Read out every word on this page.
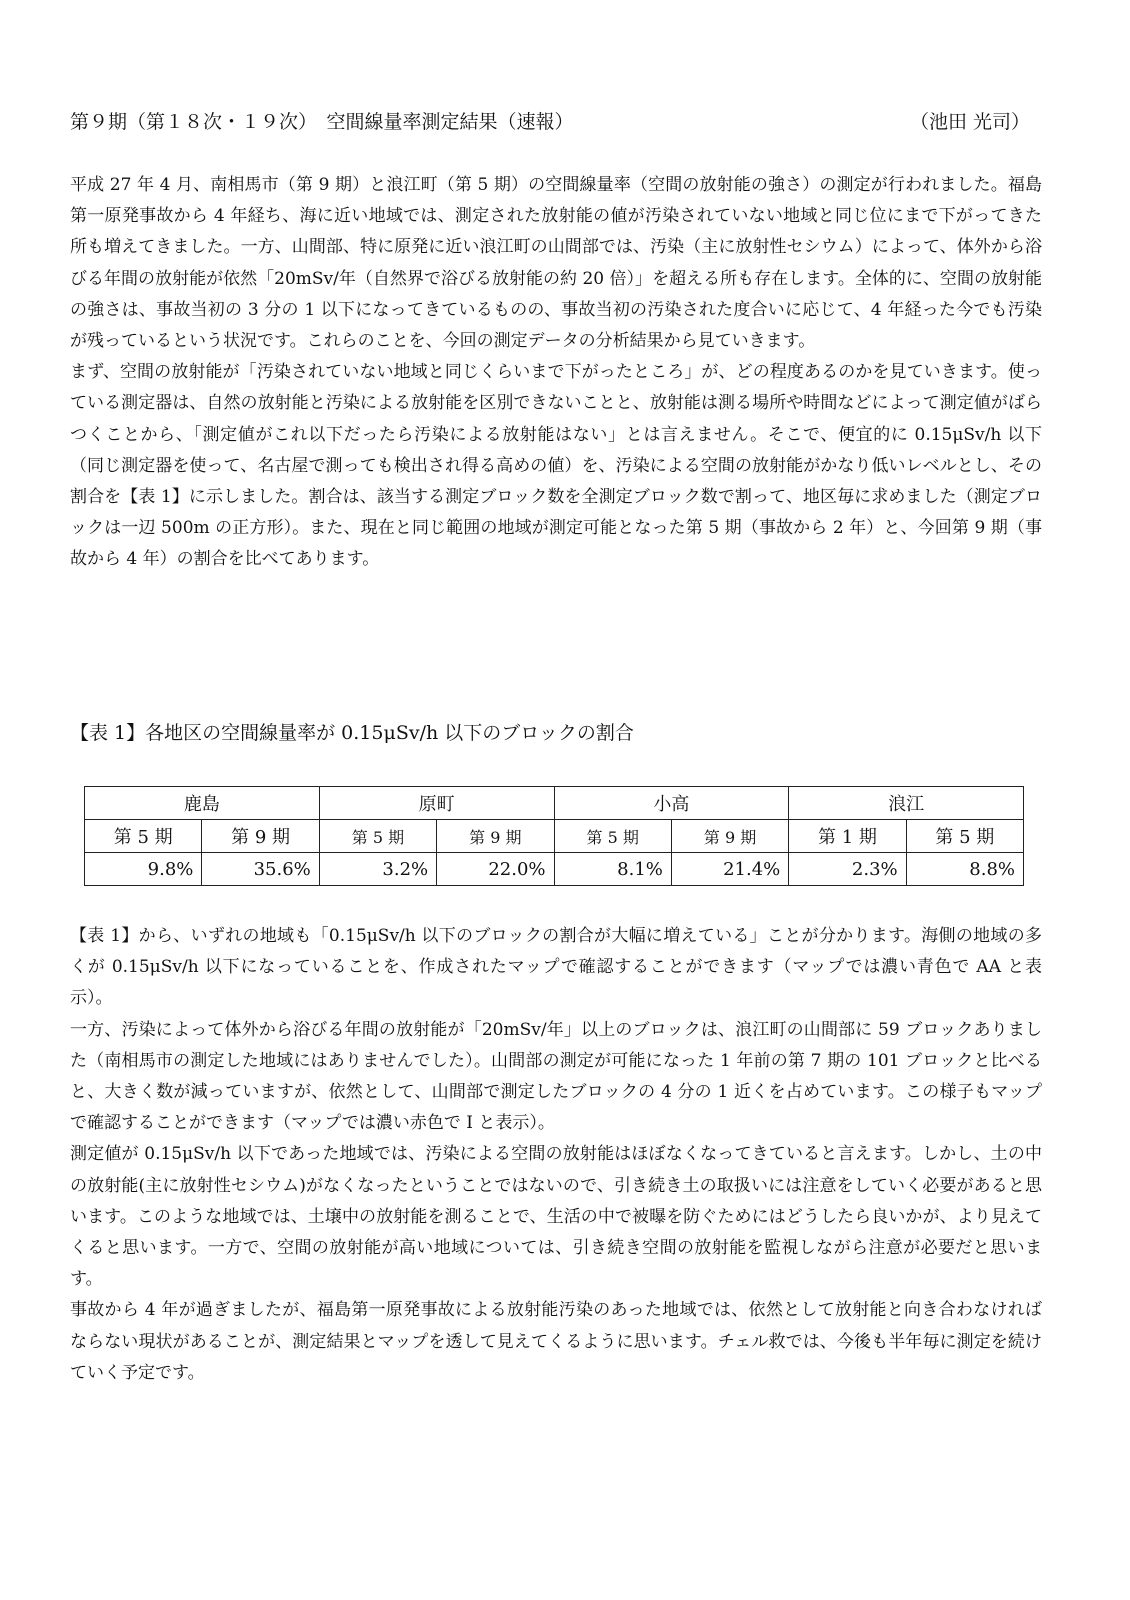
第９期（第１８次・１９次）　空間線量率測定結果（速報）	（池田 光司）

平成 27 年 4 月、南相馬市（第 9 期）と浪江町（第 5 期）の空間線量率（空間の放射能の強さ）の測定が行われました。福島第一原発事故から 4 年経ち、海に近い地域では、測定された放射能の値が汚染されていない地域と同じ位にまで下がってきた所も増えてきました。一方、山間部、特に原発に近い浪江町の山間部では、汚染（主に放射性セシウム）によって、体外から浴びる年間の放射能が依然「20mSv/年（自然界で浴びる放射能の約 20 倍）」を超える所も存在します。全体的に、空間の放射能の強さは、事故当初の 3 分の 1 以下になってきているものの、事故当初の汚染された度合いに応じて、4 年経った今でも汚染が残っているという状況です。これらのことを、今回の測定データの分析結果から見ていきます。

まず、空間の放射能が「汚染されていない地域と同じくらいまで下がったところ」が、どの程度あるのかを見ていきます。使っている測定器は、自然の放射能と汚染による放射能を区別できないことと、放射能は測る場所や時間などによって測定値がばらつくことから、「測定値がこれ以下だったら汚染による放射能はない」とは言えません。そこで、便宜的に 0.15μSv/h 以下（同じ測定器を使って、名古屋で測っても検出され得る高めの値）を、汚染による空間の放射能がかなり低いレベルとし、その割合を【表 1】に示しました。割合は、該当する測定ブロック数を全測定ブロック数で割って、地区毎に求めました（測定ブロックは一辺 500m の正方形）。また、現在と同じ範囲の地域が測定可能となった第 5 期（事故から 2 年）と、今回第 9 期（事故から 4 年）の割合を比べてあります。

【表 1】各地区の空間線量率が 0.15μSv/h 以下のブロックの割合

鹿島		原町		小高		浪江	
第 5 期	第 9 期	第 5 期	第 9 期	第 5 期	第 9 期	第 1 期	第 5 期
9.8%	35.6%	3.2%	22.0%	8.1%	21.4%	2.3%	8.8%

【表 1】から、いずれの地域も「0.15μSv/h 以下のブロックの割合が大幅に増えている」ことが分かります。海側の地域の多くが 0.15μSv/h 以下になっていることを、作成されたマップで確認することができます（マップでは濃い青色で AA と表示）。

一方、汚染によって体外から浴びる年間の放射能が「20mSv/年」以上のブロックは、浪江町の山間部に 59 ブロックありました（南相馬市の測定した地域にはありませんでした）。山間部の測定が可能になった 1 年前の第 7 期の 101 ブロックと比べると、大きく数が減っていますが、依然として、山間部で測定したブロックの 4 分の 1 近くを占めています。この様子もマップで確認することができます（マップでは濃い赤色で I と表示）。

測定値が 0.15μSv/h 以下であった地域では、汚染による空間の放射能はほぼなくなってきていると言えます。しかし、土の中の放射能(主に放射性セシウム)がなくなったということではないので、引き続き土の取扱いには注意をしていく必要があると思います。このような地域では、土壌中の放射能を測ることで、生活の中で被曝を防ぐためにはどうしたら良いかが、より見えてくると思います。一方で、空間の放射能が高い地域については、引き続き空間の放射能を監視しながら注意が必要だと思います。

事故から 4 年が過ぎましたが、福島第一原発事故による放射能汚染のあった地域では、依然として放射能と向き合わなければならない現状があることが、測定結果とマップを透して見えてくるように思います。チェル救では、今後も半年毎に測定を続けていく予定です。
